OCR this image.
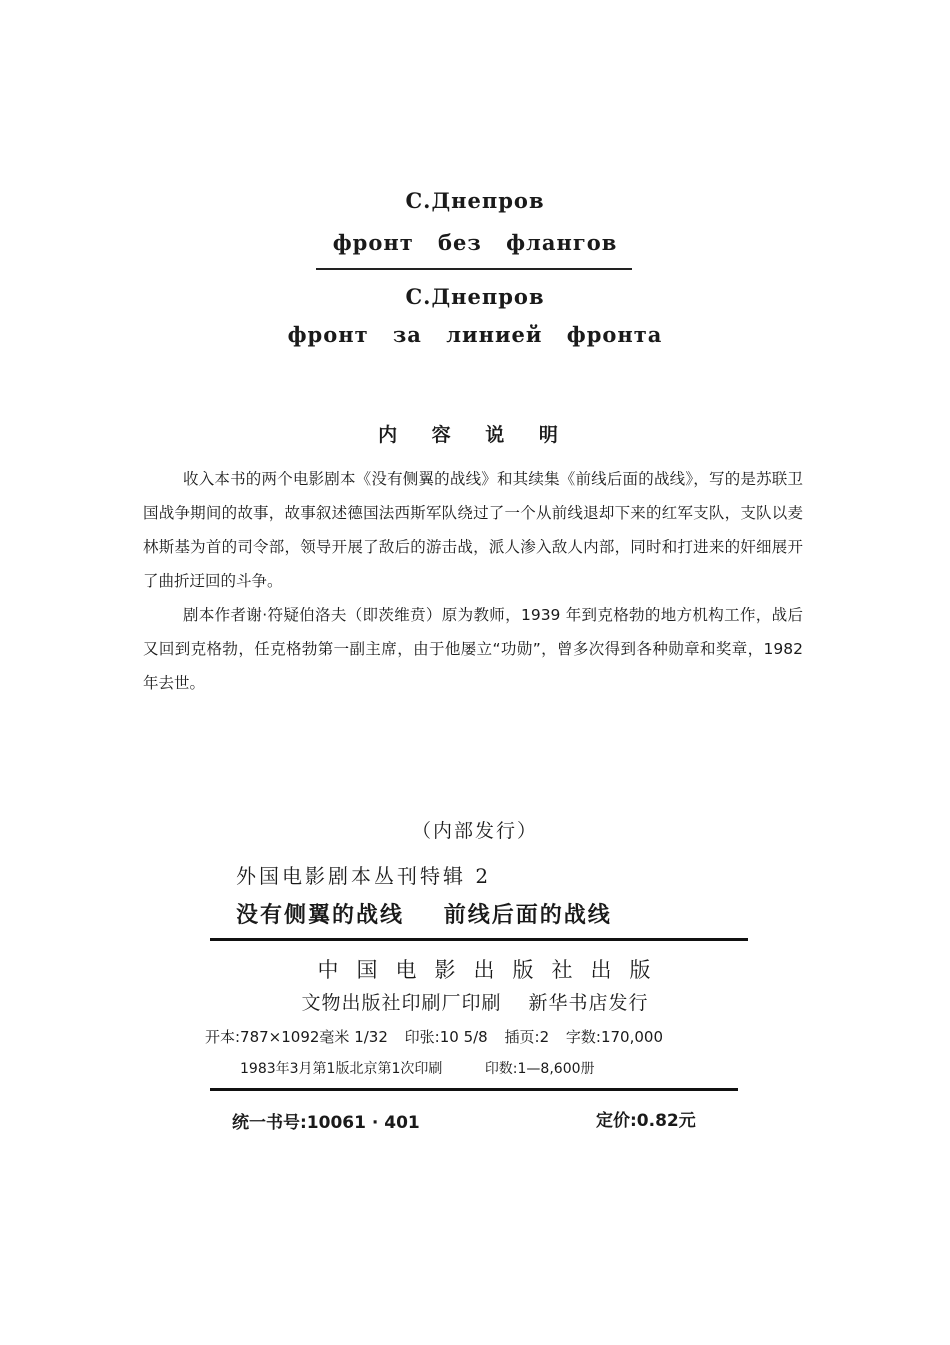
С.Днепров
фронт без флангов
С.Днепров
фронт за линией фронта
内 容 说 明

收入本书的两个电影剧本《没有侧翼的战线》和其续集《前线后面的战线》，写的是苏联卫国战争期间的故事，故事叙述德国法西斯军队绕过了一个从前线退却下来的红军支队，支队以麦林斯基为首的司令部，领导开展了敌后的游击战，派人渗入敌人内部，同时和打进来的奸细展开了曲折迂回的斗争。

剧本作者谢·符疑伯洛夫（即茨维贲）原为教师，1939 年到克格勃的地方机构工作，战后又回到克格勃，任克格勃第一副主席，由于他屡立“功勋”，曾多次得到各种勋章和奖章，1982 年去世。

（内部发行）
外国电影剧本丛刊特辑 2
没有侧翼的战线 前线后面的战线
中国电影出版社出版
文物出版社印刷厂印刷 新华书店发行
开本:787×1092毫米 1/32 印张:10 5/8 插页:2 字数:170,000
1983年3月第1版北京第1次印刷	印数:1—8,600册
统一书号:10061 · 401	定价:0.82元
